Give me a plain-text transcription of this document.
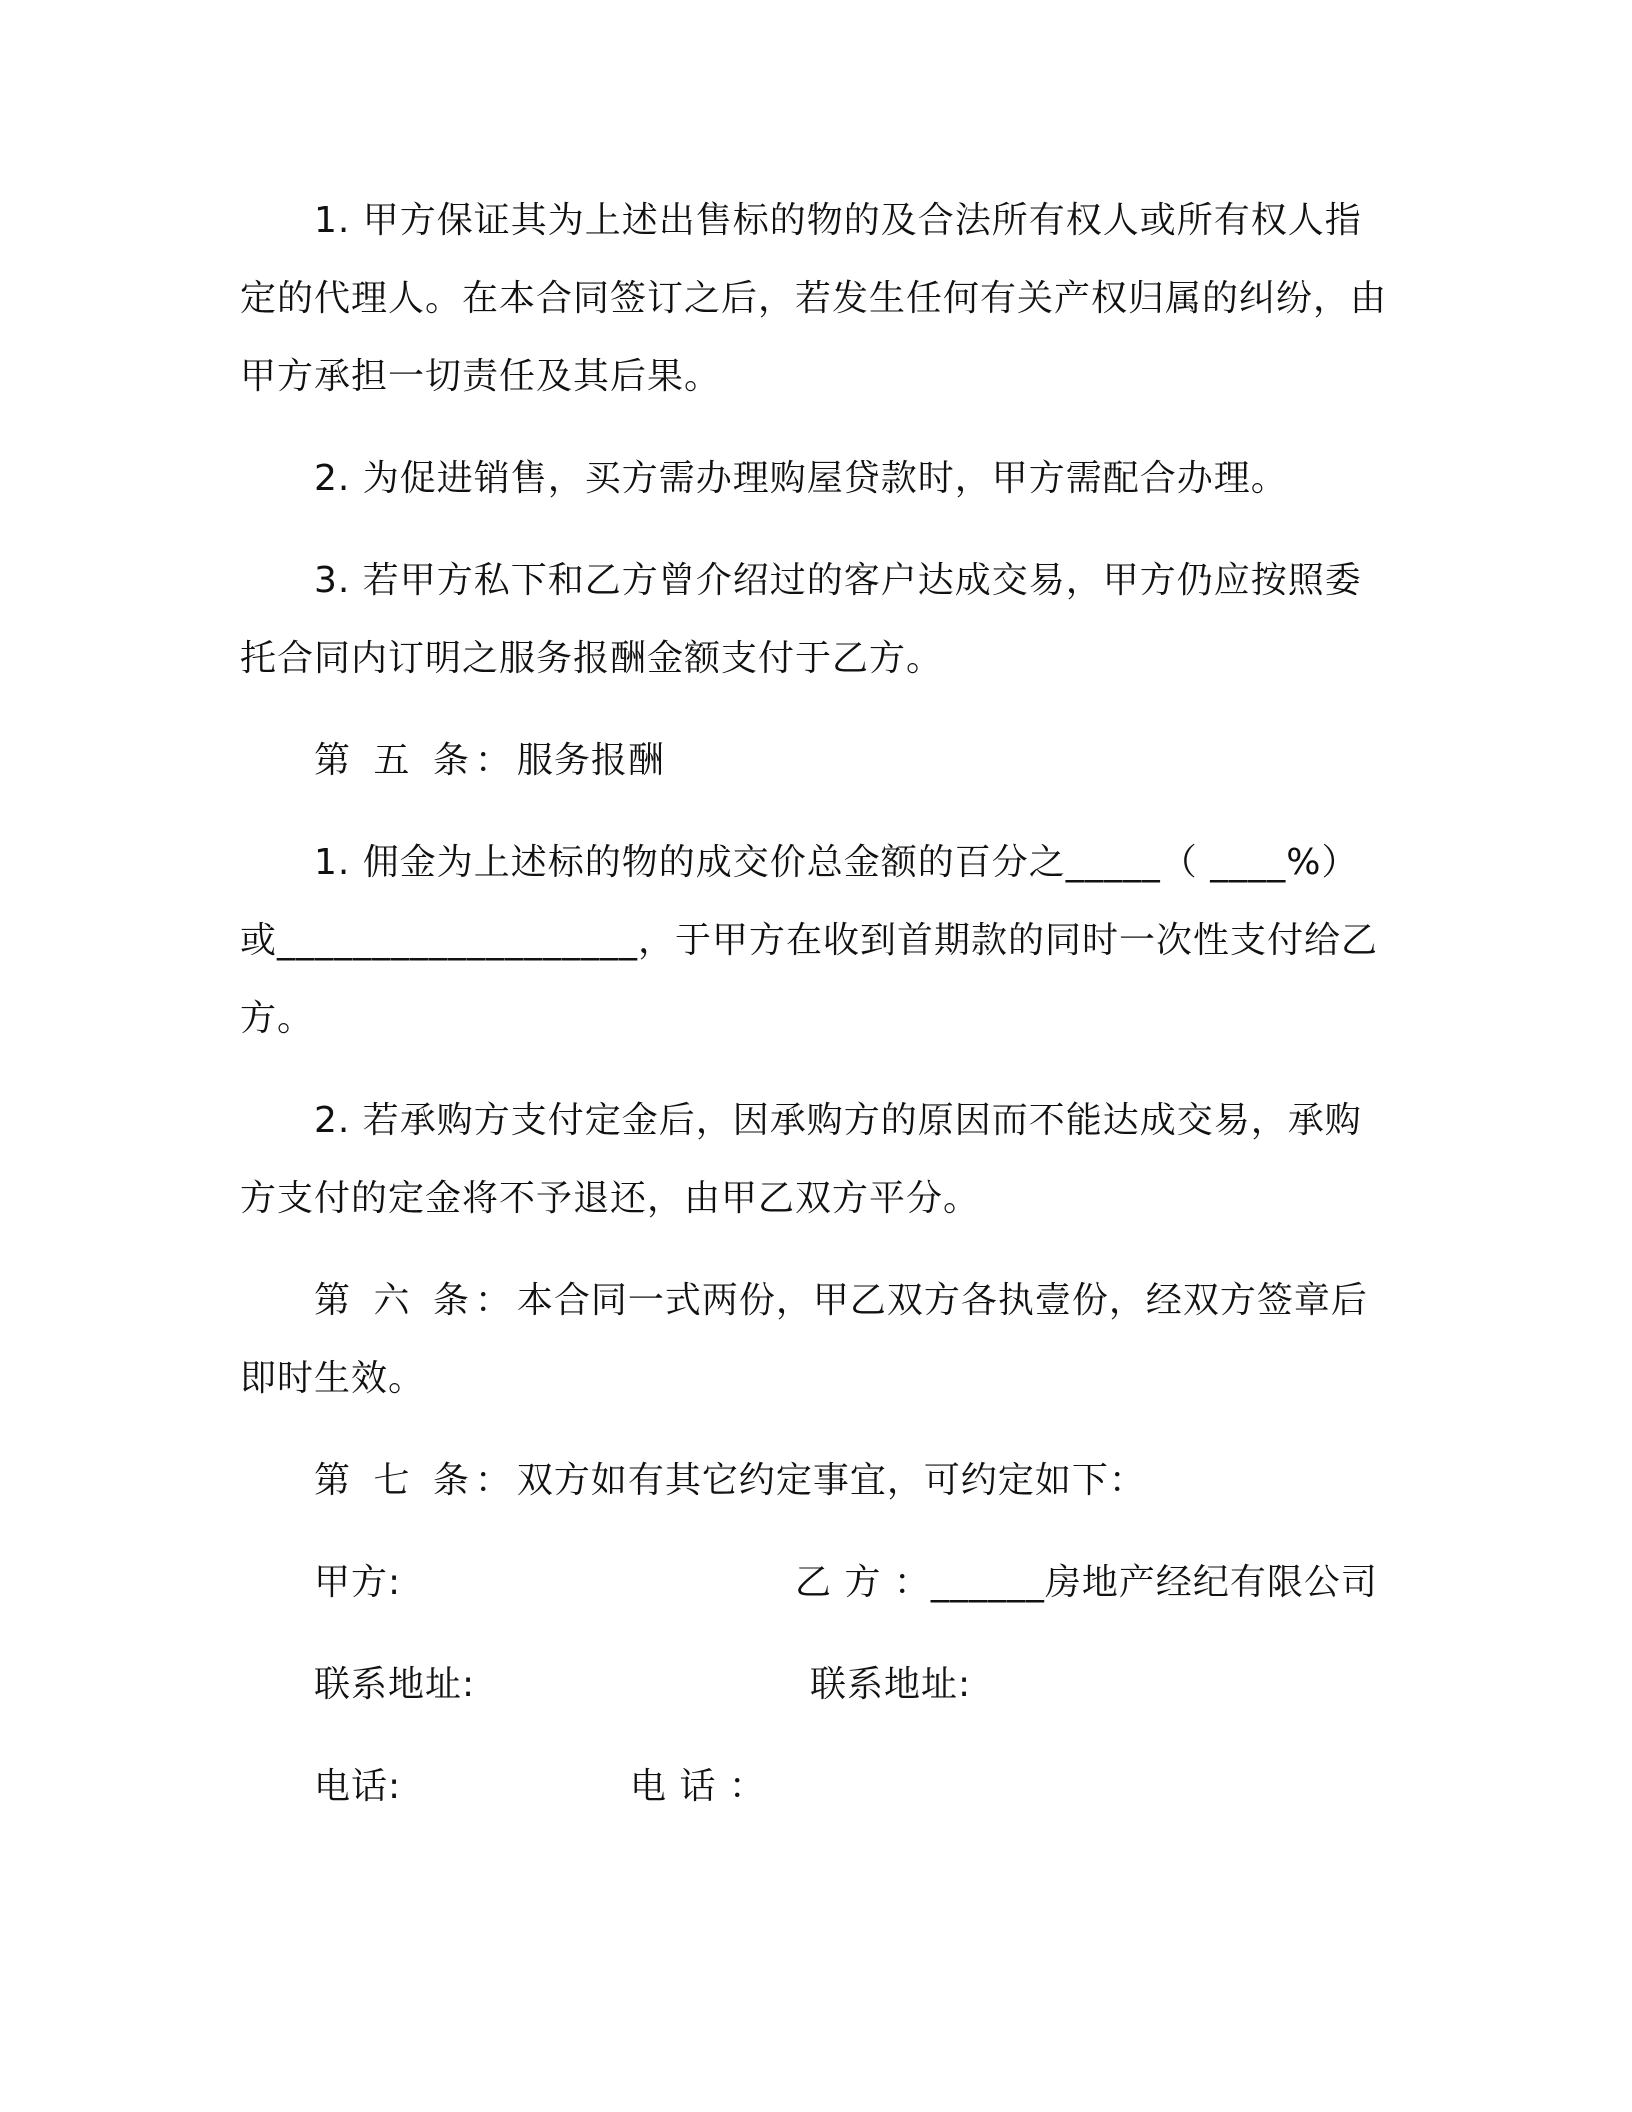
1. 甲方保证其为上述出售标的物的及合法所有权人或所有权人指定的代理人。在本合同签订之后，若发生任何有关产权归属的纠纷，由甲方承担一切责任及其后果。

2. 为促进销售，买方需办理购屋贷款时，甲方需配合办理。

3. 若甲方私下和乙方曾介绍过的客户达成交易，甲方仍应按照委托合同内订明之服务报酬金额支付于乙方。

第 五 条：服务报酬

1. 佣金为上述标的物的成交价总金额的百分之_____（ ____%）或___________________，于甲方在收到首期款的同时一次性支付给乙方。

2. 若承购方支付定金后，因承购方的原因而不能达成交易，承购方支付的定金将不予退还，由甲乙双方平分。

第 六 条：本合同一式两份，甲乙双方各执壹份，经双方签章后即时生效。

第 七 条：双方如有其它约定事宜，可约定如下：
甲方:	乙 方 ：______房地产经纪有限公司
联系地址:	联系地址:
电话:	电 话 ：
